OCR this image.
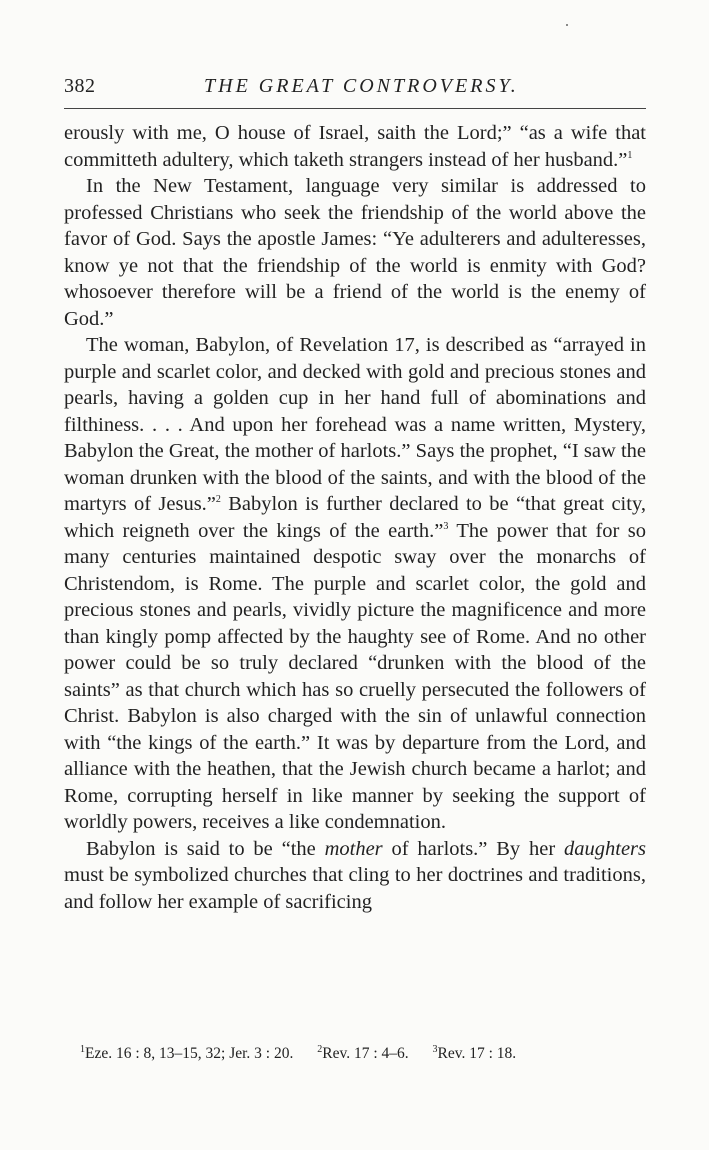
382	THE GREAT CONTROVERSY.

erously with me, O house of Israel, saith the Lord;” “as a wife that committeth adultery, which taketh strangers instead of her husband.”$^1$

In the New Testament, language very similar is addressed to professed Christians who seek the friendship of the world above the favor of God. Says the apostle James: “Ye adulterers and adulteresses, know ye not that the friendship of the world is enmity with God? whosoever therefore will be a friend of the world is the enemy of God.”

The woman, Babylon, of Revelation 17, is described as “arrayed in purple and scarlet color, and decked with gold and precious stones and pearls, having a golden cup in her hand full of abominations and filthiness. . . . And upon her forehead was a name written, Mystery, Babylon the Great, the mother of harlots.” Says the prophet, “I saw the woman drunken with the blood of the saints, and with the blood of the martyrs of Jesus.”$^2$ Babylon is further declared to be “that great city, which reigneth over the kings of the earth.”$^3$ The power that for so many centuries maintained despotic sway over the monarchs of Christendom, is Rome. The purple and scarlet color, the gold and precious stones and pearls, vividly picture the magnificence and more than kingly pomp affected by the haughty see of Rome. And no other power could be so truly declared “drunken with the blood of the saints” as that church which has so cruelly persecuted the followers of Christ. Babylon is also charged with the sin of unlawful connection with “the kings of the earth.” It was by departure from the Lord, and alliance with the heathen, that the Jewish church became a harlot; and Rome, corrupting herself in like manner by seeking the support of worldly powers, receives a like condemnation.

Babylon is said to be “the mother of harlots.” By her daughters must be symbolized churches that cling to her doctrines and traditions, and follow her example of sacrificing

$^1$Eze. 16 : 8, 13–15, 32; Jer. 3 : 20. $^2$Rev. 17 : 4–6. $^3$Rev. 17 : 18.
